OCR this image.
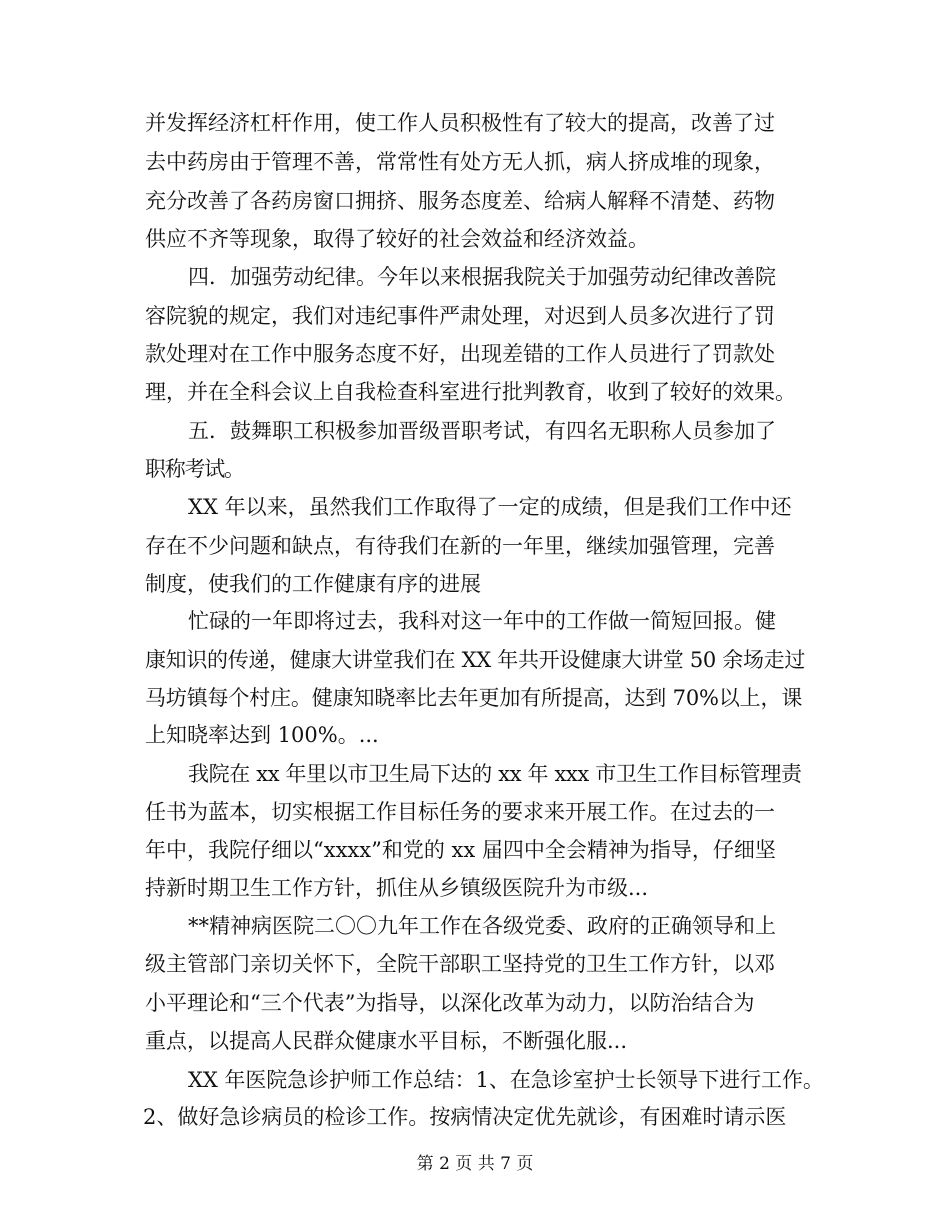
并发挥经济杠杆作用，使工作人员积极性有了较大的提高，改善了过
去中药房由于管理不善，常常性有处方无人抓，病人挤成堆的现象，
充分改善了各药房窗口拥挤、服务态度差、给病人解释不清楚、药物
供应不齐等现象，取得了较好的社会效益和经济效益。
四．加强劳动纪律。今年以来根据我院关于加强劳动纪律改善院
容院貌的规定，我们对违纪事件严肃处理，对迟到人员多次进行了罚
款处理对在工作中服务态度不好，出现差错的工作人员进行了罚款处
理，并在全科会议上自我检查科室进行批判教育，收到了较好的效果。
五．鼓舞职工积极参加晋级晋职考试，有四名无职称人员参加了
职称考试。
XX 年以来，虽然我们工作取得了一定的成绩，但是我们工作中还
存在不少问题和缺点，有待我们在新的一年里，继续加强管理，完善
制度，使我们的工作健康有序的进展
忙碌的一年即将过去，我科对这一年中的工作做一简短回报。健
康知识的传递，健康大讲堂我们在 XX 年共开设健康大讲堂 50 余场走过
马坊镇每个村庄。健康知晓率比去年更加有所提高，达到 70%以上，课
上知晓率达到 100%。...
我院在 xx 年里以市卫生局下达的 xx 年 xxx 市卫生工作目标管理责
任书为蓝本，切实根据工作目标任务的要求来开展工作。在过去的一
年中，我院仔细以“xxxx”和党的 xx 届四中全会精神为指导，仔细坚
持新时期卫生工作方针，抓住从乡镇级医院升为市级...
**精神病医院二〇〇九年工作在各级党委、政府的正确领导和上
级主管部门亲切关怀下，全院干部职工坚持党的卫生工作方针，以邓
小平理论和“三个代表”为指导，以深化改革为动力，以防治结合为
重点，以提高人民群众健康水平目标，不断强化服...
XX 年医院急诊护师工作总结：1、在急诊室护士长领导下进行工作。
2、做好急诊病员的检诊工作。按病情决定优先就诊，有困难时请示医
第 2 页 共 7 页
